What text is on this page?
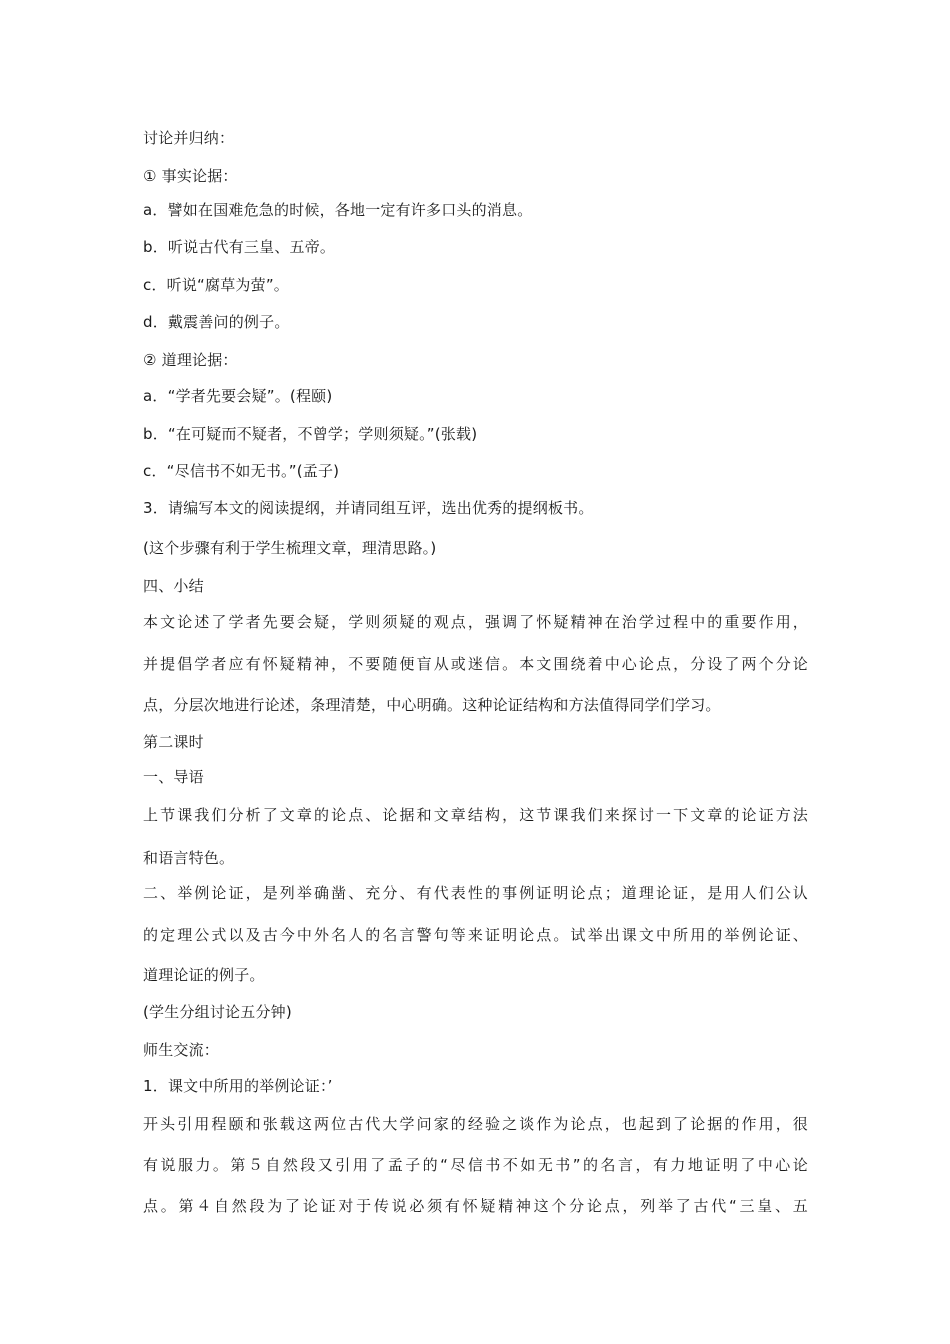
讨论并归纳：
① 事实论据：
a．譬如在国难危急的时候，各地一定有许多口头的消息。
b．听说古代有三皇、五帝。
c．听说“腐草为萤”。
d．戴震善问的例子。
② 道理论据：
a．“学者先要会疑”。(程颐)
b．“在可疑而不疑者，不曾学；学则须疑。”(张载)
c．“尽信书不如无书。”(孟子)
3．请编写本文的阅读提纲，并请同组互评，选出优秀的提纲板书。
(这个步骤有利于学生梳理文章，理清思路。)
四、小结
本文论述了学者先要会疑，学则须疑的观点，强调了怀疑精神在治学过程中的重要作用，
并提倡学者应有怀疑精神，不要随便盲从或迷信。本文围绕着中心论点，分设了两个分论
点，分层次地进行论述，条理清楚，中心明确。这种论证结构和方法值得同学们学习。
第二课时
一、导语
上节课我们分析了文章的论点、论据和文章结构，这节课我们来探讨一下文章的论证方法
和语言特色。
二、举例论证，是列举确凿、充分、有代表性的事例证明论点；道理论证，是用人们公认
的定理公式以及古今中外名人的名言警句等来证明论点。试举出课文中所用的举例论证、
道理论证的例子。
(学生分组讨论五分钟)
师生交流：
1．课文中所用的举例论证：’
开头引用程颐和张载这两位古代大学问家的经验之谈作为论点，也起到了论据的作用，很
有说服力。第５自然段又引用了孟子的“尽信书不如无书”的名言，有力地证明了中心论
点。第４自然段为了论证对于传说必须有怀疑精神这个分论点，列举了古代“三皇、五
